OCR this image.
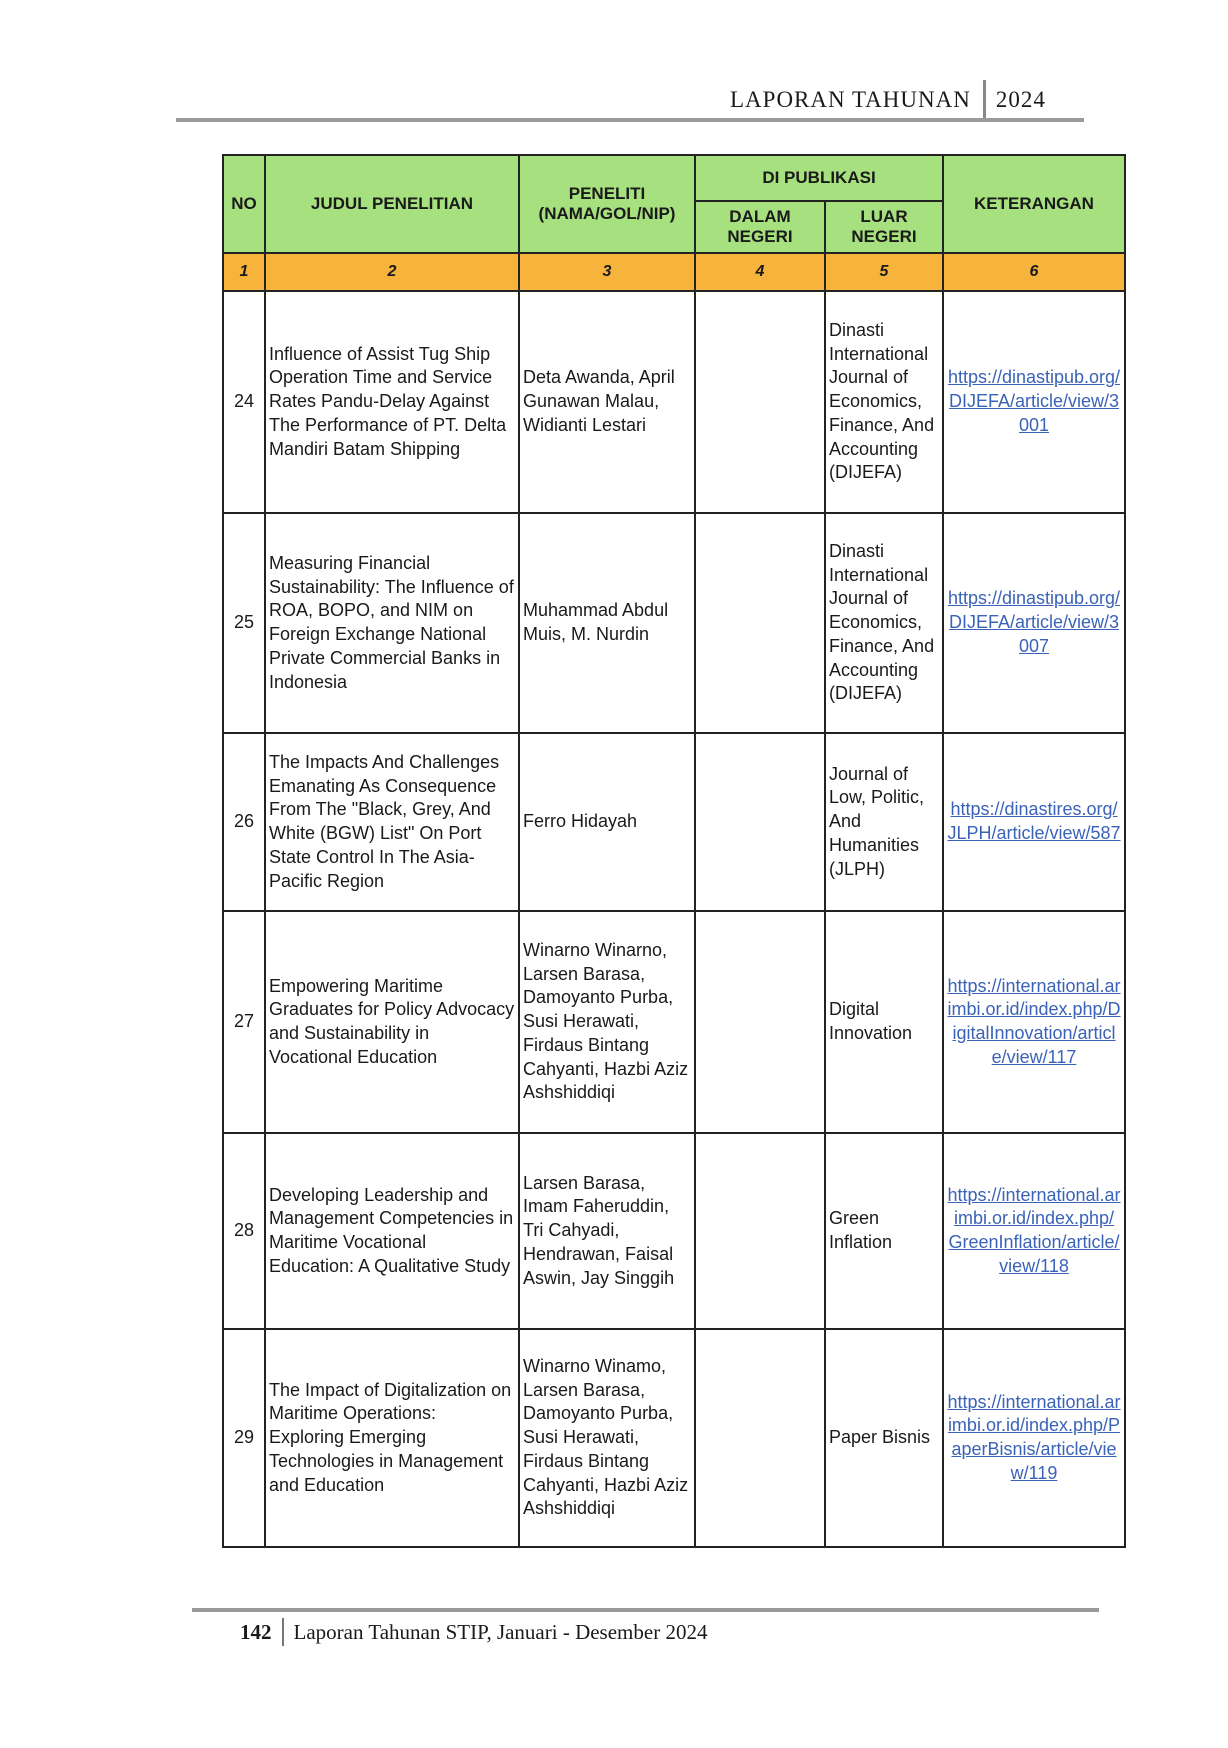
LAPORAN TAHUNAN 2024
NO	JUDUL PENELITIAN	PENELITI (NAMA/GOL/NIP)	DI PUBLIKASI		KETERANGAN
			DALAM NEGERI	LUAR NEGERI	
1	2	3	4	5	6
24	Influence of Assist Tug Ship Operation Time and Service Rates Pandu-Delay Against The Performance of PT. Delta Mandiri Batam Shipping	Deta Awanda, April Gunawan Malau, Widianti Lestari		Dinasti International Journal of Economics, Finance, And Accounting (DIJEFA)	https://dinastipub.org/DIJEFA/article/view/3001
25	Measuring Financial Sustainability: The Influence of ROA, BOPO, and NIM on Foreign Exchange National Private Commercial Banks in Indonesia	Muhammad Abdul Muis, M. Nurdin		Dinasti International Journal of Economics, Finance, And Accounting (DIJEFA)	https://dinastipub.org/DIJEFA/article/view/3007
26	The Impacts And Challenges Emanating As Consequence From The "Black, Grey, And White (BGW) List" On Port State Control In The Asia-Pacific Region	Ferro Hidayah		Journal of Low, Politic, And Humanities (JLPH)	https://dinastires.org/JLPH/article/view/587
27	Empowering Maritime Graduates for Policy Advocacy and Sustainability in Vocational Education	Winarno Winarno, Larsen Barasa, Damoyanto Purba, Susi Herawati, Firdaus Bintang Cahyanti, Hazbi Aziz Ashshiddiqi		Digital Innovation	https://international.arimbi.or.id/index.php/DigitalInnovation/article/view/117
28	Developing Leadership and Management Competencies in Maritime Vocational Education: A Qualitative Study	Larsen Barasa, Imam Faheruddin, Tri Cahyadi, Hendrawan, Faisal Aswin, Jay Singgih		Green Inflation	https://international.arimbi.or.id/index.php/GreenInflation/article/view/118
29	The Impact of Digitalization on Maritime Operations: Exploring Emerging Technologies in Management and Education	Winarno Winamo, Larsen Barasa, Damoyanto Purba, Susi Herawati, Firdaus Bintang Cahyanti, Hazbi Aziz Ashshiddiqi		Paper Bisnis	https://international.arimbi.or.id/index.php/PaperBisnis/article/view/119
142 Laporan Tahunan STIP, Januari - Desember 2024
